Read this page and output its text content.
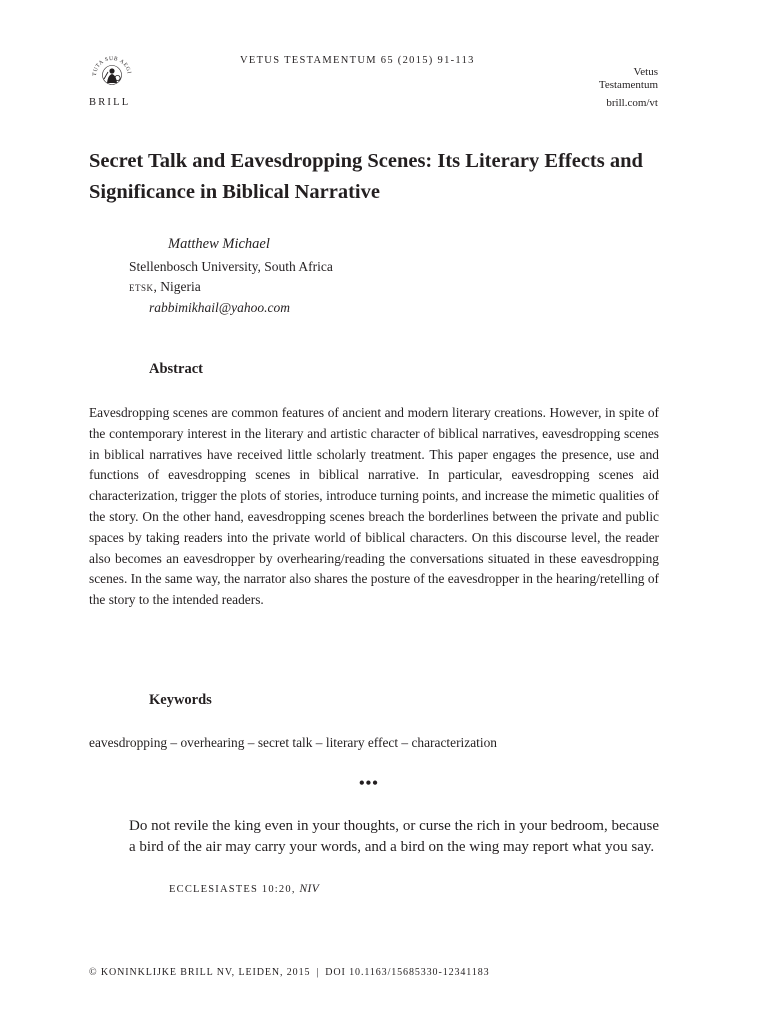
TUTA SUB AEGI
BRILL
VETUS TESTAMENTUM 65 (2015) 91-113
Vetus
Testamentum
brill.com/vt
Secret Talk and Eavesdropping Scenes: Its Literary Effects and Significance in Biblical Narrative
Matthew Michael
Stellenbosch University, South Africa
etsk, Nigeria
rabbimikhail@yahoo.com
Abstract

Eavesdropping scenes are common features of ancient and modern literary creations. However, in spite of the contemporary interest in the literary and artistic character of biblical narratives, eavesdropping scenes in biblical narratives have received little scholarly treatment. This paper engages the presence, use and functions of eavesdropping scenes in biblical narrative. In particular, eavesdropping scenes aid characterization, trigger the plots of stories, introduce turning points, and increase the mimetic qualities of the story. On the other hand, eavesdropping scenes breach the borderlines between the private and public spaces by taking readers into the private world of biblical characters. On this discourse level, the reader also becomes an eavesdropper by overhearing/reading the conversations situated in these eavesdropping scenes. In the same way, the narrator also shares the posture of the eavesdropper in the hearing/retelling of the story to the intended readers.

Keywords

eavesdropping – overhearing – secret talk – literary effect – characterization

•••
Do not revile the king even in your thoughts, or curse the rich in your bedroom, because a bird of the air may carry your words, and a bird on the wing may report what you say.
ECCLESIASTES 10:20, NIV
© KONINKLIJKE BRILL NV, LEIDEN, 2015 | DOI 10.1163/15685330-12341183
